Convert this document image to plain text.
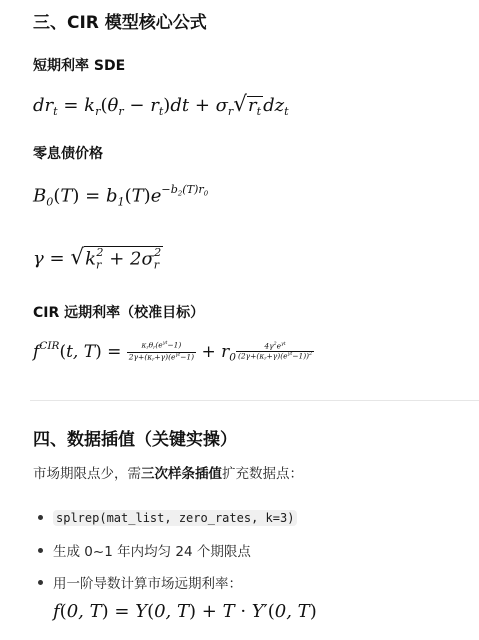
三、CIR 模型核心公式
短期利率 SDE
$dr_t = k_r(\theta_r - r_t)dt + \sigma_r√r_t$ $dz_t$
零息债价格
$B_0(T) = b_1(T)e^{-b_2(T)r_0}$
$\gamma = √k_r^2 + 2\sigma_r^2$
CIR 远期利率（校准目标）
$f^{CIR}(t$, $T) = \frac{\kappa_r\theta_r(e^{\gamma t}-1)}{2\gamma+(\kappa_r+\gamma)(e^{\gamma t}-1)} + r_0 \frac{4\gamma^2e^{\gamma t}}{(2\gamma+(\kappa_r+\gamma)(e^{\gamma t}-1))^2}$
四、数据插值（关键实操）
市场期限点少，需三次样条插值扩充数据点：
splrep(mat_list, zero_rates, k=3)
生成 0~1 年内均匀 24 个期限点
用一阶导数计算市场远期利率：
f(0, T) = Y(0, T) + T · Y′(0, T)
